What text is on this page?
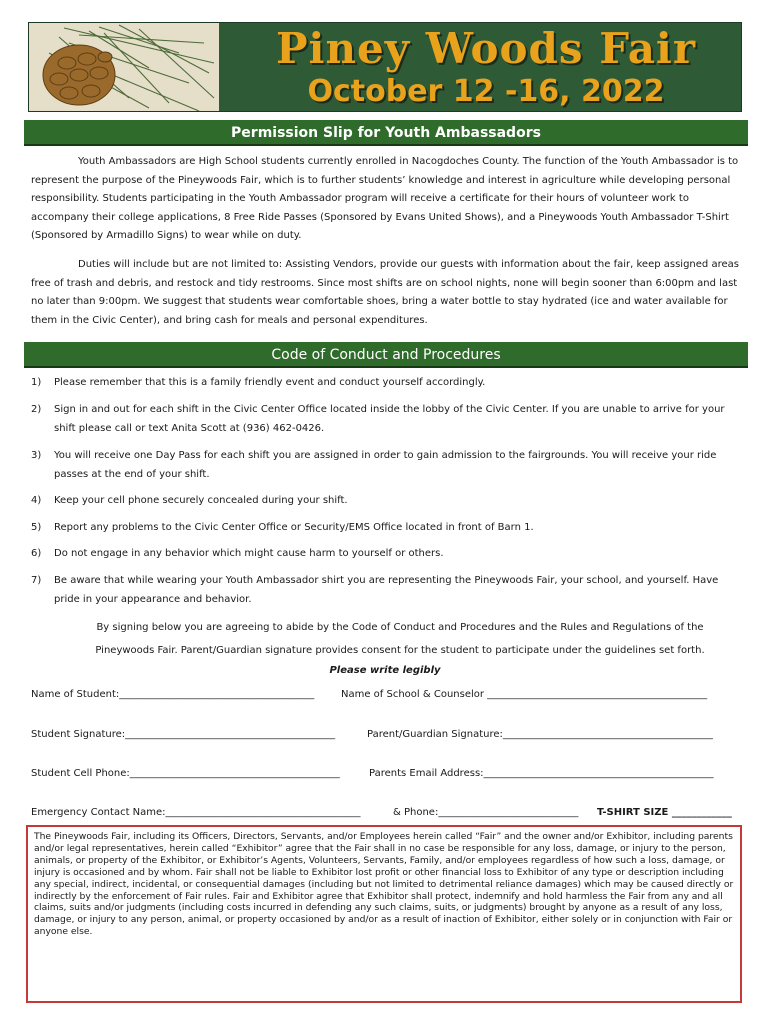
Piney Woods Fair
October 12 -16, 2022
Permission Slip for Youth Ambassadors

Youth Ambassadors are High School students currently enrolled in Nacogdoches County. The function of the Youth Ambassador is to represent the purpose of the Pineywoods Fair, which is to further students’ knowledge and interest in agriculture while developing personal responsibility. Students participating in the Youth Ambassador program will receive a certificate for their hours of volunteer work to accompany their college applications, 8 Free Ride Passes (Sponsored by Evans United Shows), and a Pineywoods Youth Ambassador T-Shirt (Sponsored by Armadillo Signs) to wear while on duty.

Duties will include but are not limited to: Assisting Vendors, provide our guests with information about the fair, keep assigned areas free of trash and debris, and restock and tidy restrooms. Since most shifts are on school nights, none will begin sooner than 6:00pm and last no later than 9:00pm. We suggest that students wear comfortable shoes, bring a water bottle to stay hydrated (ice and water available for them in the Civic Center), and bring cash for meals and personal expenditures.

Code of Conduct and Procedures
1)	Please remember that this is a family friendly event and conduct yourself accordingly.
2)	Sign in and out for each shift in the Civic Center Office located inside the lobby of the Civic Center. If you are unable to arrive for your shift please call or text Anita Scott at (936) 462-0426.
3)	You will receive one Day Pass for each shift you are assigned in order to gain admission to the fairgrounds. You will receive your ride passes at the end of your shift.
4)	Keep your cell phone securely concealed during your shift.
5)	Report any problems to the Civic Center Office or Security/EMS Office located in front of Barn 1.
6)	Do not engage in any behavior which might cause harm to yourself or others.
7)	Be aware that while wearing your Youth Ambassador shirt you are representing the Pineywoods Fair, your school, and yourself. Have pride in your appearance and behavior.
By signing below you are agreeing to abide by the Code of Conduct and Procedures and the Rules and Regulations of the
Pineywoods Fair. Parent/Guardian signature provides consent for the student to participate under the guidelines set forth.
Please write legibly
Name of Student:_______________________________________	Name of School & Counselor ____________________________________________
Student Signature:__________________________________________	Parent/Guardian Signature:__________________________________________
Student Cell Phone:__________________________________________	Parents Email Address:______________________________________________
Emergency Contact Name:_______________________________________	& Phone:____________________________ T-SHIRT SIZE ____________

The Pineywoods Fair, including its Officers, Directors, Servants, and/or Employees herein called “Fair” and the owner and/or Exhibitor, including parents and/or legal representatives, herein called “Exhibitor” agree that the Fair shall in no case be responsible for any loss, damage, or injury to the person, animals, or property of the Exhibitor, or Exhibitor’s Agents, Volunteers, Servants, Family, and/or employees regardless of how such a loss, damage, or injury is occasioned and by whom. Fair shall not be liable to Exhibitor lost profit or other financial loss to Exhibitor of any type or description including any special, indirect, incidental, or consequential damages (including but not limited to detrimental reliance damages) which may be caused directly or indirectly by the enforcement of Fair rules. Fair and Exhibitor agree that Exhibitor shall protect, indemnify and hold harmless the Fair from any and all claims, suits and/or judgments (including costs incurred in defending any such claims, suits, or judgments) brought by anyone as a result of any loss, damage, or injury to any person, animal, or property occasioned by and/or as a result of inaction of Exhibitor, either solely or in conjunction with Fair or anyone else.
